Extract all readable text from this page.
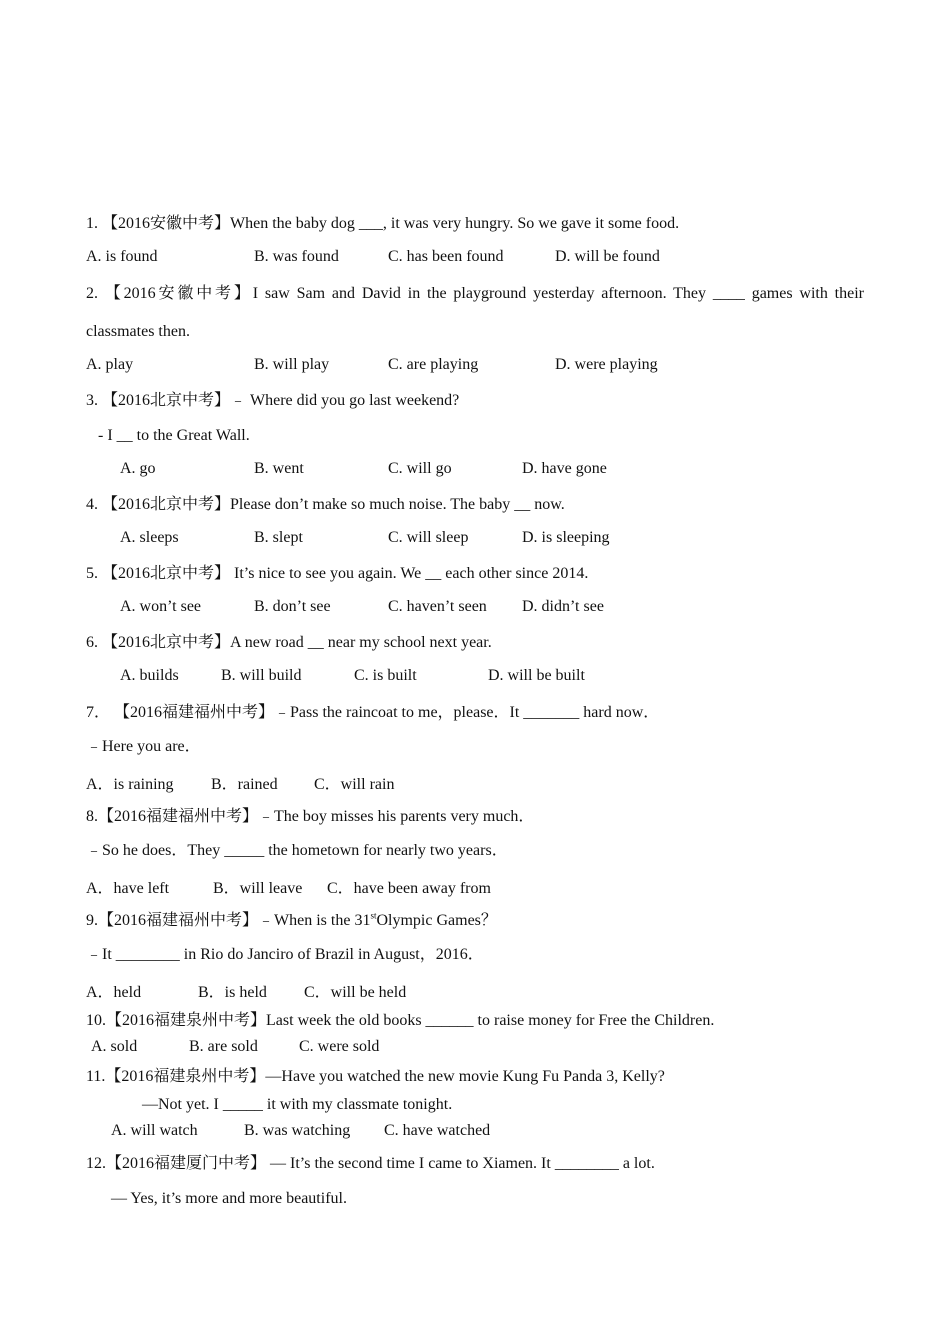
1. 【2016安徽中考】When the baby dog ___, it was very hungry. So we gave it some food.
A. is found	B. was found	C. has been found	D. will be found
2. 【2016安徽中考】I saw Sam and David in the playground yesterday afternoon. They ____ games with their
classmates then.
A. play	B. will play	C. are playing	D. were playing
3. 【2016北京中考】﹣ Where did you go last weekend?
- I __ to the Great Wall.
A. go	B. went	C. will go	D. have gone
4. 【2016北京中考】Please don’t make so much noise. The baby __ now.
A. sleeps	B. slept	C. will sleep	D. is sleeping
5. 【2016北京中考】 It’s nice to see you again. We __ each other since 2014.
A. won’t see	B. don’t see	C. haven’t seen D. didn’t see
6. 【2016北京中考】A new road __ near my school next year.
A. builds	B. will build	C. is built	D. will be built
7． 【2016福建福州中考】﹣Pass the raincoat to me，please．It _______ hard now．
﹣Here you are．
A．is raining B．rained C．will rain
8.【2016福建福州中考】﹣The boy misses his parents very much．
﹣So he does．They _____ the hometown for nearly two years．
A．have left	B．will leave C．have been away from
9.【2016福建福州中考】﹣When is the 31stOlympic Games？
﹣It ________ in Rio do Janciro of Brazil in August，2016．
A．held	B．is held C．will be held
10.【2016福建泉州中考】Last week the old books ______ to raise money for Free the Children.
A. sold	B. are sold	C. were sold
11.【2016福建泉州中考】—Have you watched the new movie Kung Fu Panda 3, Kelly?
—Not yet. I _____ it with my classmate tonight.
A. will watch	B. was watching C. have watched
12.【2016福建厦门中考】 — It’s the second time I came to Xiamen. It ________ a lot.
— Yes, it’s more and more beautiful.
